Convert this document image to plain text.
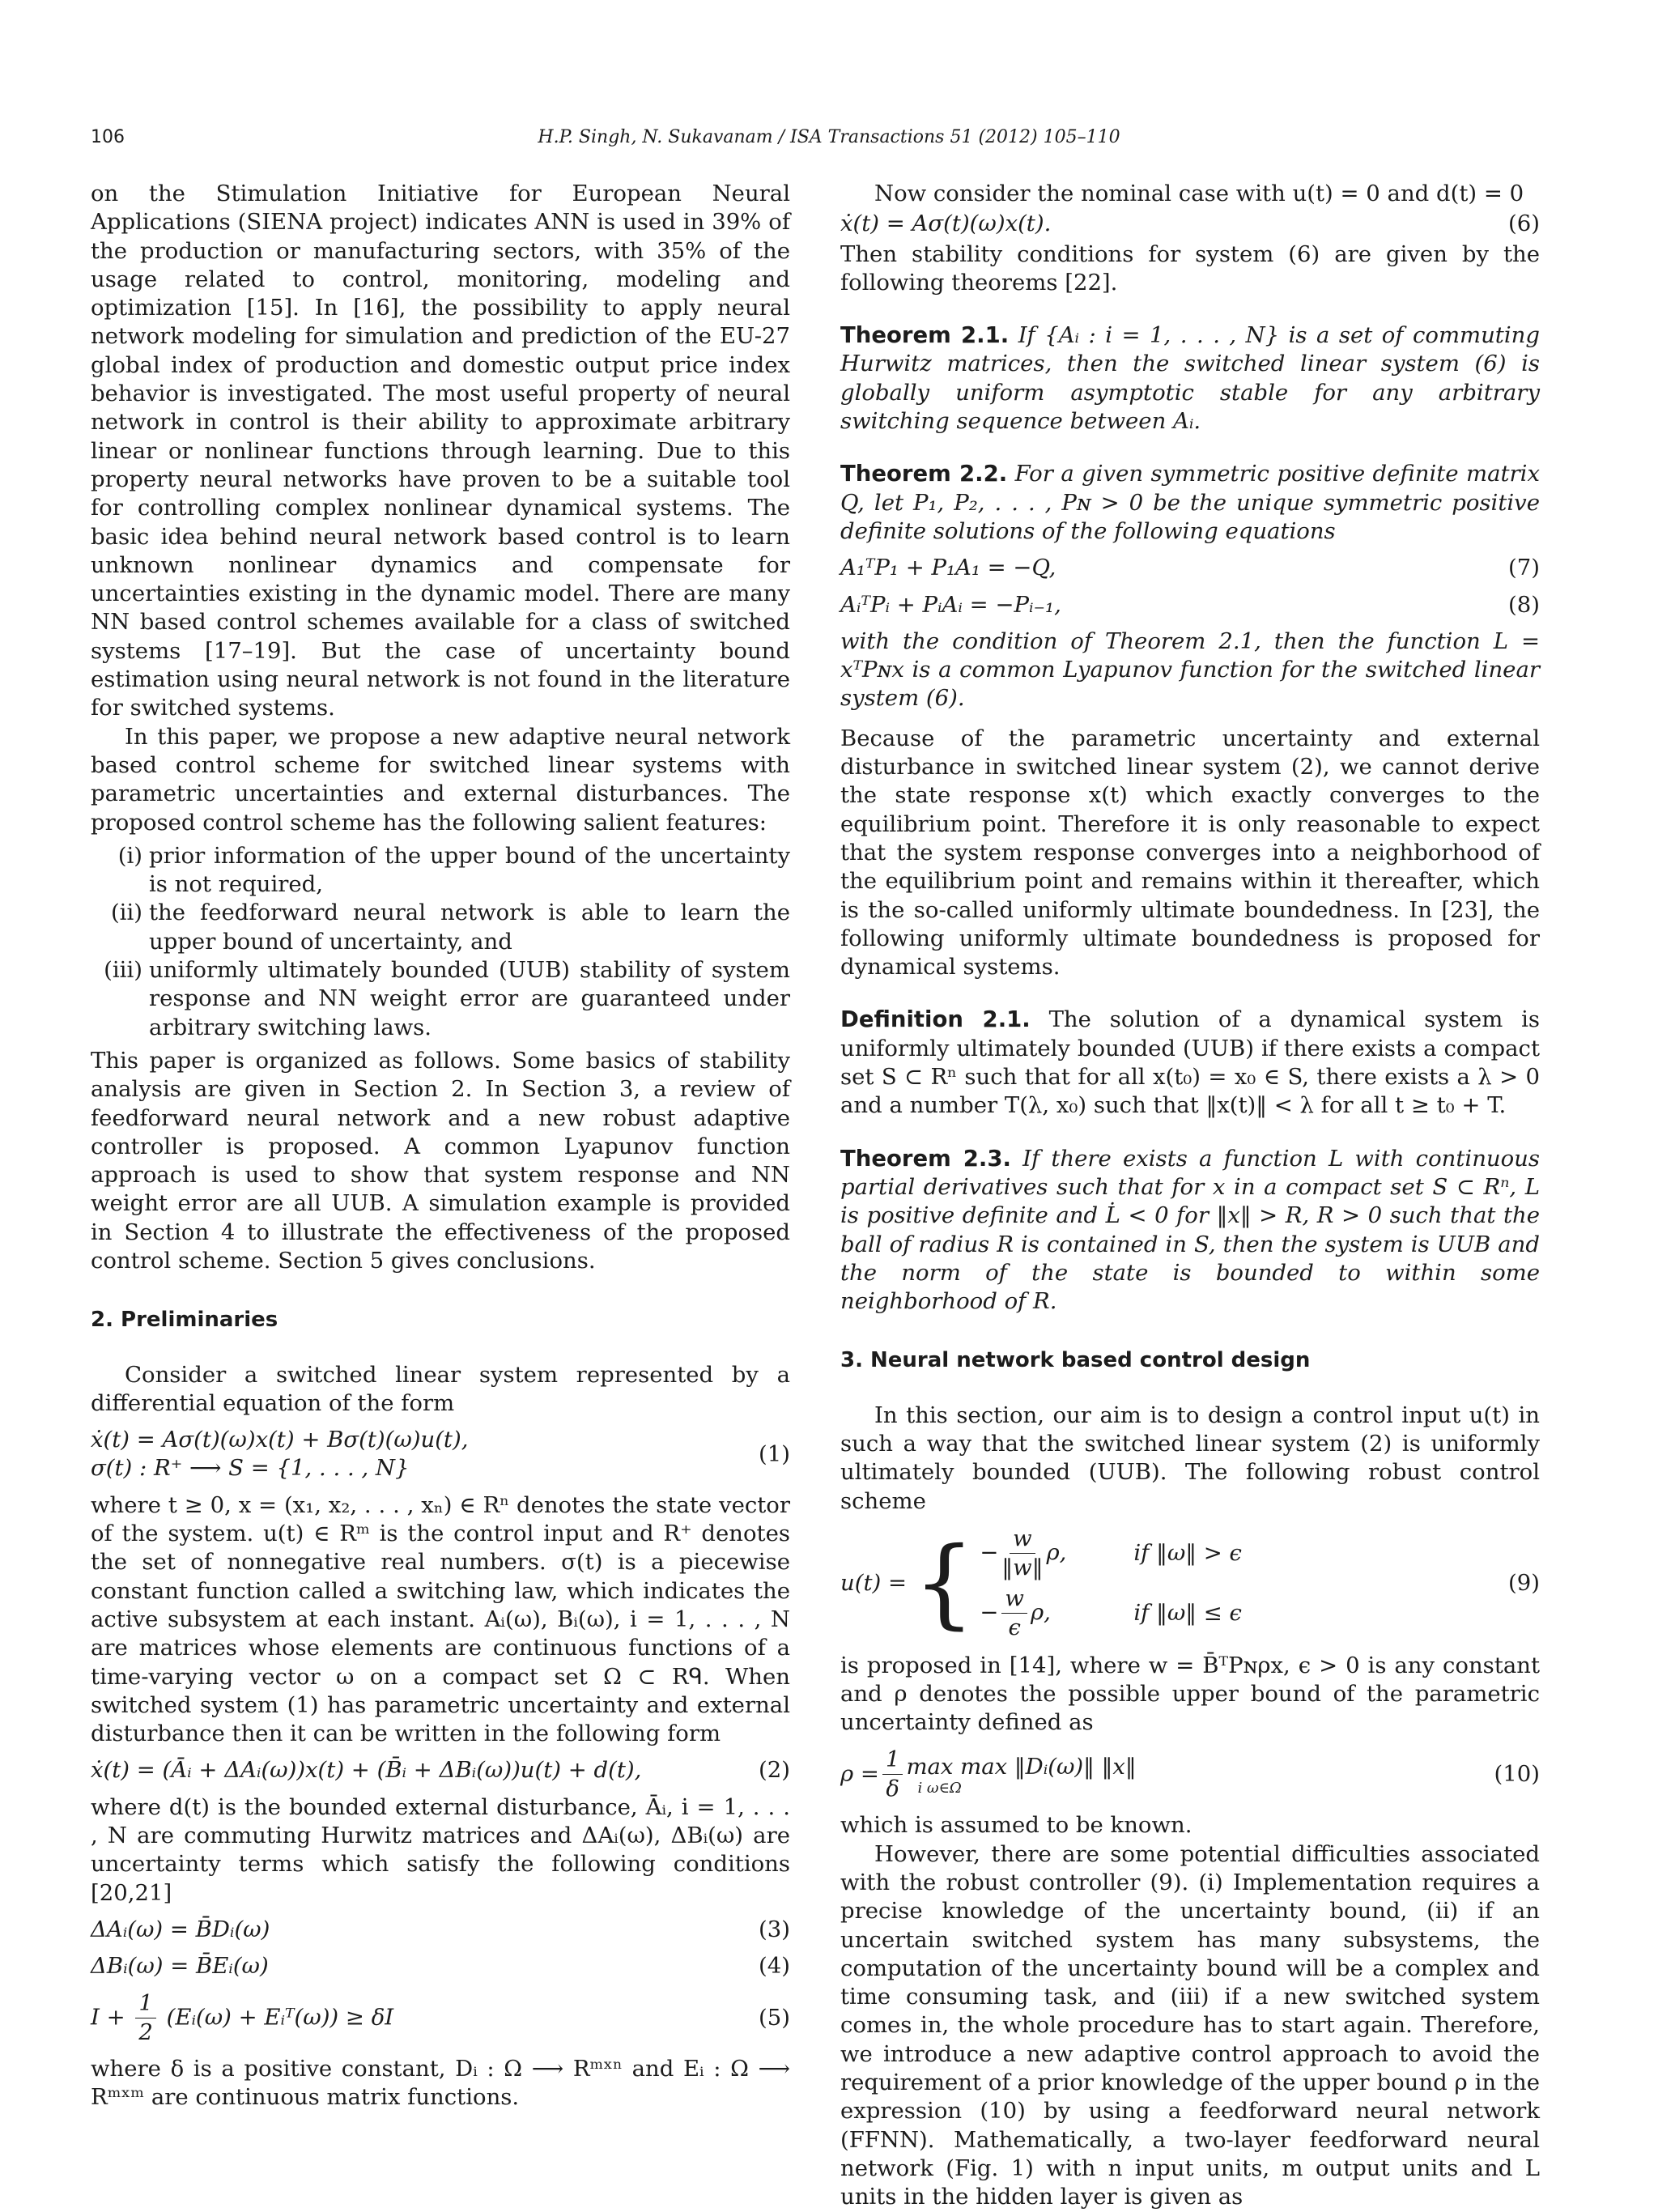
106	H.P. Singh, N. Sukavanam / ISA Transactions 51 (2012) 105–110

on the Stimulation Initiative for European Neural Applications (SIENA project) indicates ANN is used in 39% of the production or manufacturing sectors, with 35% of the usage related to control, monitoring, modeling and optimization [15]. In [16], the possibility to apply neural network modeling for simulation and prediction of the EU-27 global index of production and domestic output price index behavior is investigated. The most useful property of neural network in control is their ability to approximate arbitrary linear or nonlinear functions through learning. Due to this property neural networks have proven to be a suitable tool for controlling complex nonlinear dynamical systems. The basic idea behind neural network based control is to learn unknown nonlinear dynamics and compensate for uncertainties existing in the dynamic model. There are many NN based control schemes available for a class of switched systems [17–19]. But the case of uncertainty bound estimation using neural network is not found in the literature for switched systems.

In this paper, we propose a new adaptive neural network based control scheme for switched linear systems with parametric uncertainties and external disturbances. The proposed control scheme has the following salient features:

(i) prior information of the upper bound of the uncertainty is not required,
(ii) the feedforward neural network is able to learn the upper bound of uncertainty, and
(iii) uniformly ultimately bounded (UUB) stability of system response and NN weight error are guaranteed under arbitrary switching laws.

This paper is organized as follows. Some basics of stability analysis are given in Section 2. In Section 3, a review of feedforward neural network and a new robust adaptive controller is proposed. A common Lyapunov function approach is used to show that system response and NN weight error are all UUB. A simulation example is provided in Section 4 to illustrate the effectiveness of the proposed control scheme. Section 5 gives conclusions.

2. Preliminaries

Consider a switched linear system represented by a differential equation of the form

ẋ(t) = Aσ(t)(ω)x(t) + Bσ(t)(ω)u(t),
σ(t) : R⁺ ⟶ S = {1, . . . , N}
(1)

where t ≥ 0, x = (x₁, x₂, . . . , xₙ) ∈ Rⁿ denotes the state vector of the system. u(t) ∈ Rᵐ is the control input and R⁺ denotes the set of nonnegative real numbers. σ(t) is a piecewise constant function called a switching law, which indicates the active subsystem at each instant. Aᵢ(ω), Bᵢ(ω), i = 1, . . . , N are matrices whose elements are continuous functions of a time-varying vector ω on a compact set Ω ⊂ Rᑫ. When switched system (1) has parametric uncertainty and external disturbance then it can be written in the following form

ẋ(t) = (Āᵢ + ΔAᵢ(ω))x(t) + (B̄ᵢ + ΔBᵢ(ω))u(t) + d(t),	(2)

where d(t) is the bounded external disturbance, Āᵢ, i = 1, . . . , N are commuting Hurwitz matrices and ΔAᵢ(ω), ΔBᵢ(ω) are uncertainty terms which satisfy the following conditions [20,21]

ΔAᵢ(ω) = B̄Dᵢ(ω)	(3)
ΔBᵢ(ω) = B̄Eᵢ(ω)	(4)
$I + \frac{1}{2}$ (Eᵢ(ω) + Eᵢᵀ(ω)) ≥ δI	(5)

where δ is a positive constant, Dᵢ : Ω ⟶ Rᵐˣⁿ and Eᵢ : Ω ⟶ Rᵐˣᵐ are continuous matrix functions.

Now consider the nominal case with u(t) = 0 and d(t) = 0

ẋ(t) = Aσ(t)(ω)x(t).	(6)

Then stability conditions for system (6) are given by the following theorems [22].

Theorem 2.1. If {Aᵢ : i = 1, . . . , N} is a set of commuting Hurwitz matrices, then the switched linear system (6) is globally uniform asymptotic stable for any arbitrary switching sequence between Aᵢ.

Theorem 2.2. For a given symmetric positive definite matrix Q, let P₁, P₂, . . . , Pɴ > 0 be the unique symmetric positive definite solutions of the following equations

A₁ᵀP₁ + P₁A₁ = −Q,	(7)
AᵢᵀPᵢ + PᵢAᵢ = −Pᵢ₋₁,	(8)

with the condition of Theorem 2.1, then the function L = xᵀPɴx is a common Lyapunov function for the switched linear system (6).

Because of the parametric uncertainty and external disturbance in switched linear system (2), we cannot derive the state response x(t) which exactly converges to the equilibrium point. Therefore it is only reasonable to expect that the system response converges into a neighborhood of the equilibrium point and remains within it thereafter, which is the so-called uniformly ultimate boundedness. In [23], the following uniformly ultimate boundedness is proposed for dynamical systems.

Definition 2.1. The solution of a dynamical system is uniformly ultimately bounded (UUB) if there exists a compact set S ⊂ Rⁿ such that for all x(t₀) = x₀ ∈ S, there exists a λ > 0 and a number T(λ, x₀) such that ‖x(t)‖ < λ for all t ≥ t₀ + T.

Theorem 2.3. If there exists a function L with continuous partial derivatives such that for x in a compact set S ⊂ Rⁿ, L is positive definite and L̇ < 0 for ‖x‖ > R, R > 0 such that the ball of radius R is contained in S, then the system is UUB and the norm of the state is bounded to within some neighborhood of R.

3. Neural network based control design

In this section, our aim is to design a control input u(t) in such a way that the switched linear system (2) is uniformly ultimately bounded (UUB). The following robust control scheme

u(t) = { − $\frac{w}{‖w‖} \rho$,	if ‖ω‖ > ϵ
− $\frac{w}{\epsilon} \rho$,	if ‖ω‖ ≤ ϵ
(9)

is proposed in [14], where w = B̄ᵀPɴρx, ϵ > 0 is any constant and ρ denotes the possible upper bound of the parametric uncertainty defined as

$\rho = \frac{1}{\delta}$ max max ‖Dᵢ(ω)‖ ‖x‖
i ω∈Ω
(10)

which is assumed to be known.

However, there are some potential difficulties associated with the robust controller (9). (i) Implementation requires a precise knowledge of the uncertainty bound, (ii) if an uncertain switched system has many subsystems, the computation of the uncertainty bound will be a complex and time consuming task, and (iii) if a new switched system comes in, the whole procedure has to start again. Therefore, we introduce a new adaptive control approach to avoid the requirement of a prior knowledge of the upper bound ρ in the expression (10) by using a feedforward neural network (FFNN). Mathematically, a two-layer feedforward neural network (Fig. 1) with n input units, m output units and L units in the hidden layer is given as
